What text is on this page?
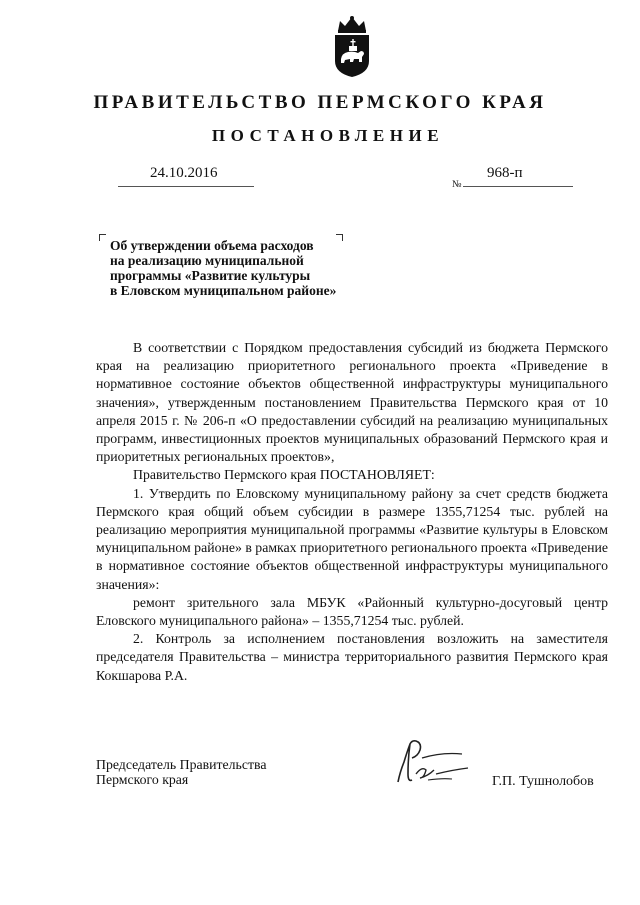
ПРАВИТЕЛЬСТВО ПЕРМСКОГО КРАЯ
ПОСТАНОВЛЕНИЕ
24.10.2016
№
968-п
Об утверждении объема расходов
на реализацию муниципальной
программы «Развитие культуры
в Еловском муниципальном районе»

В соответствии с Порядком предоставления субсидий из бюджета Пермского края на реализацию приоритетного регионального проекта «Приведение в нормативное состояние объектов общественной инфраструктуры муниципального значения», утвержденным постановлением Правительства Пермского края от 10 апреля 2015 г. № 206-п «О предоставлении субсидий на реализацию муниципальных программ, инвестиционных проектов муниципальных образований Пермского края и приоритетных региональных проектов»,

Правительство Пермского края ПОСТАНОВЛЯЕТ:

1. Утвердить по Еловскому муниципальному району за счет средств бюджета Пермского края общий объем субсидии в размере 1355,71254 тыс. рублей на реализацию мероприятия муниципальной программы «Развитие культуры в Еловском муниципальном районе» в рамках приоритетного регионального проекта «Приведение в нормативное состояние объектов общественной инфраструктуры муниципального значения»:

ремонт зрительного зала МБУК «Районный культурно-досуговый центр Еловского муниципального района» – 1355,71254 тыс. рублей.

2. Контроль за исполнением постановления возложить на заместителя председателя Правительства – министра территориального развития Пермского края Кокшарова Р.А.

Председатель Правительства
Пермского края	Г.П. Тушнолобов
